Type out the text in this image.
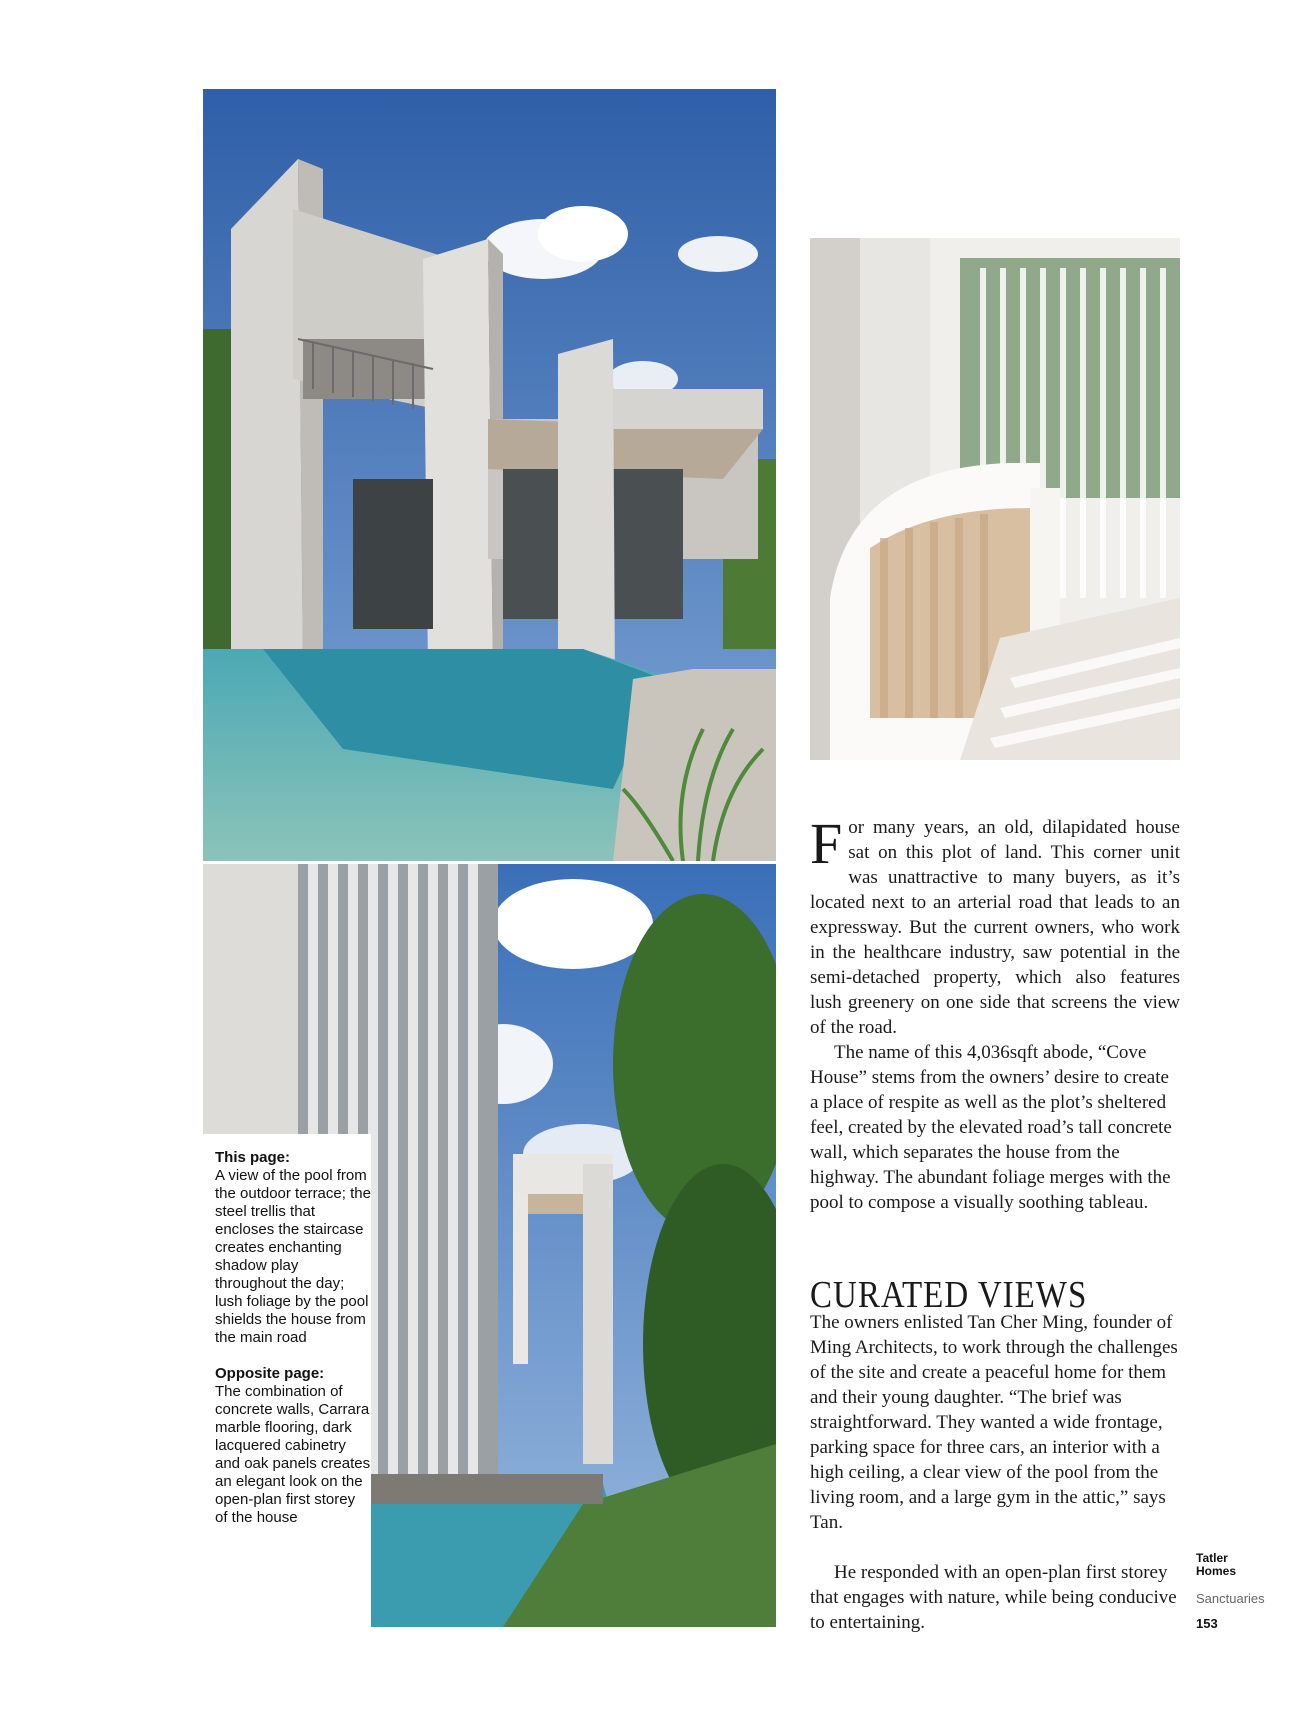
This page:
A view of the pool from the outdoor terrace; the steel trellis that encloses the staircase creates enchanting shadow play throughout the day; lush foliage by the pool shields the house from the main road
Opposite page:
The combination of concrete walls, Carrara marble flooring, dark lacquered cabinetry and oak panels creates an elegant look on the open-plan first storey of the house
For many years, an old, dilapidated house sat on this plot of land. This corner unit was unattractive to many buyers, as it’s located next to an arterial road that leads to an expressway. But the current owners, who work in the healthcare industry, saw potential in the semi-detached property, which also features lush greenery on one side that screens the view of the road.
The name of this 4,036sqft abode, “Cove House” stems from the owners’ desire to create a place of respite as well as the plot’s sheltered feel, created by the elevated road’s tall concrete wall, which separates the house from the highway. The abundant foliage merges with the pool to compose a visually soothing tableau.
CURATED VIEWS
The owners enlisted Tan Cher Ming, founder of Ming Architects, to work through the challenges of the site and create a peaceful home for them and their young daughter. “The brief was straightforward. They wanted a wide frontage, parking space for three cars, an interior with a high ceiling, a clear view of the pool from the living room, and a large gym in the attic,” says Tan.
He responded with an open-plan first storey that engages with nature, while being conducive to entertaining.
Tatler Homes
Sanctuaries
153
